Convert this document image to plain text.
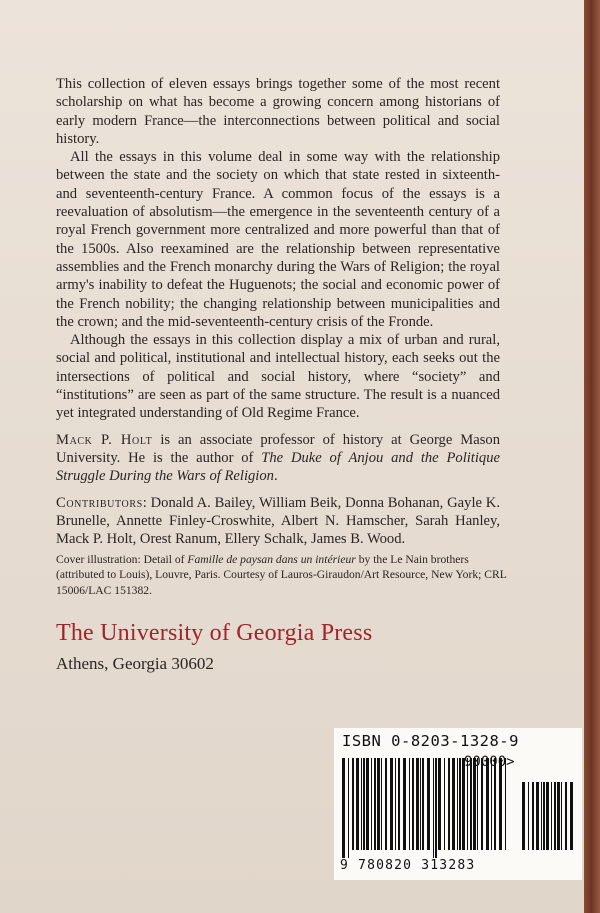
This collection of eleven essays brings together some of the most recent scholarship on what has become a growing concern among historians of early modern France—the interconnections between political and social history.

All the essays in this volume deal in some way with the relationship between the state and the society on which that state rested in sixteenth- and seventeenth-century France. A common focus of the essays is a reevaluation of absolutism—the emergence in the seventeenth century of a royal French government more centralized and more powerful than that of the 1500s. Also reexamined are the relationship between representative assemblies and the French monarchy during the Wars of Religion; the royal army's inability to defeat the Huguenots; the social and economic power of the French nobility; the changing relationship between municipalities and the crown; and the mid-seventeenth-century crisis of the Fronde.

Although the essays in this collection display a mix of urban and rural, social and political, institutional and intellectual history, each seeks out the intersections of political and social history, where “society” and “institutions” are seen as part of the same structure. The result is a nuanced yet integrated understanding of Old Regime France.

Mack P. Holt is an associate professor of history at George Mason University. He is the author of The Duke of Anjou and the Politique Struggle During the Wars of Religion.

Contributors: Donald A. Bailey, William Beik, Donna Bohanan, Gayle K. Brunelle, Annette Finley-Croswhite, Albert N. Hamscher, Sarah Hanley, Mack P. Holt, Orest Ranum, Ellery Schalk, James B. Wood.

Cover illustration: Detail of Famille de paysan dans un intérieur by the Le Nain brothers (attributed to Louis), Louvre, Paris. Courtesy of Lauros-Giraudon/Art Resource, New York; CRL 15006/LAC 151382.
The University of Georgia Press
Athens, Georgia 30602
ISBN 0-8203-1328-9
90000>
9 780820 313283
